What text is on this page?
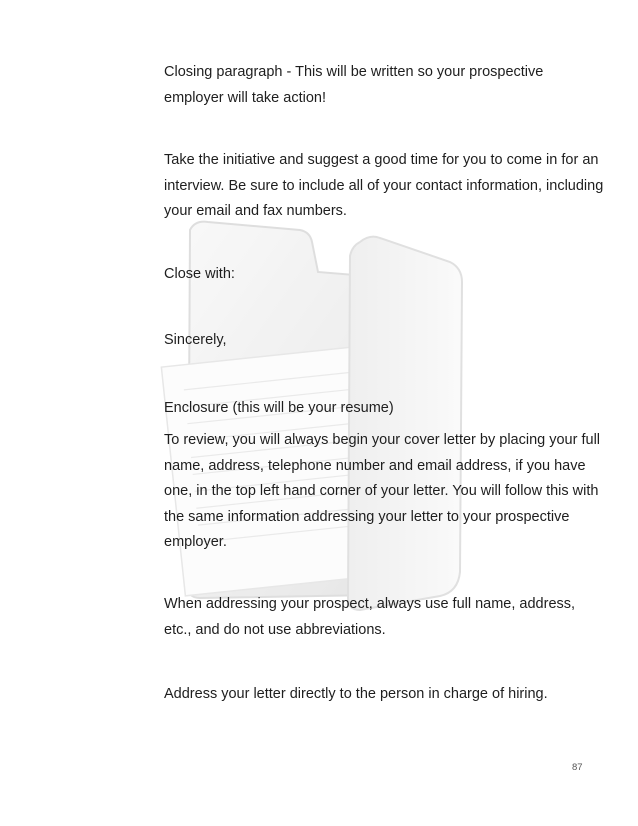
Closing paragraph - This will be written so your prospective employer will take action!

Take the initiative and suggest a good time for you to come in for an interview. Be sure to include all of your contact information, including your email and fax numbers.

Close with:

Sincerely,

Enclosure (this will be your resume)

To review, you will always begin your cover letter by placing your full name, address, telephone number and email address, if you have one, in the top left hand corner of your letter. You will follow this with the same information addressing your letter to your prospective employer.

When addressing your prospect, always use full name, address, etc., and do not use abbreviations.

Address your letter directly to the person in charge of hiring.

87
